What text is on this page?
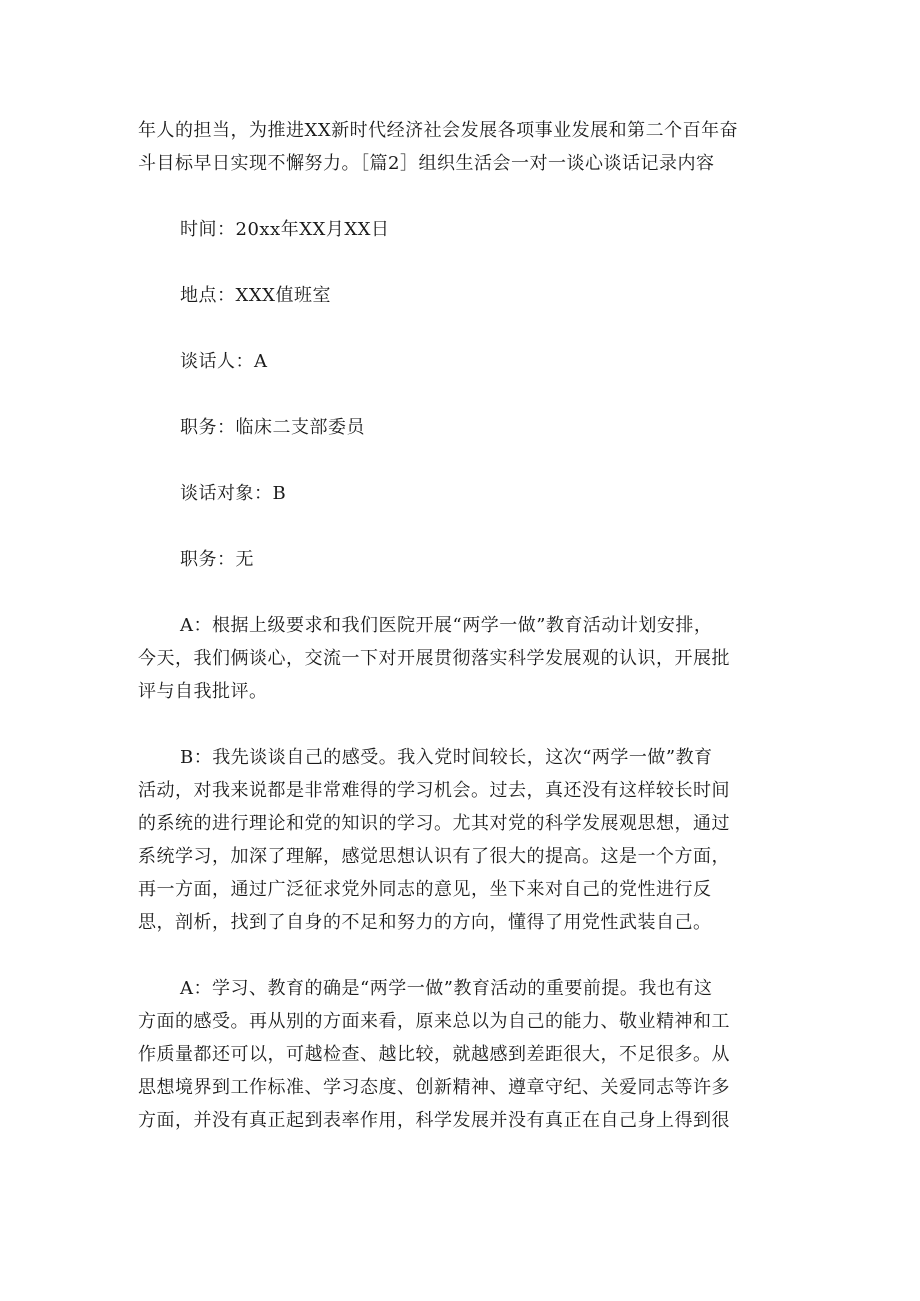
年人的担当，为推进XX新时代经济社会发展各项事业发展和第二个百年奋
斗目标早日实现不懈努力。［篇2］组织生活会一对一谈心谈话记录内容
时间：20xx年XX月XX日
地点：XXX值班室
谈话人：A
职务：临床二支部委员
谈话对象：B
职务：无
A：根据上级要求和我们医院开展“两学一做”教育活动计划安排，
今天，我们俩谈心，交流一下对开展贯彻落实科学发展观的认识，开展批
评与自我批评。
B：我先谈谈自己的感受。我入党时间较长，这次“两学一做”教育
活动，对我来说都是非常难得的学习机会。过去，真还没有这样较长时间
的系统的进行理论和党的知识的学习。尤其对党的科学发展观思想，通过
系统学习，加深了理解，感觉思想认识有了很大的提高。这是一个方面，
再一方面，通过广泛征求党外同志的意见，坐下来对自己的党性进行反
思，剖析，找到了自身的不足和努力的方向，懂得了用党性武装自己。
A：学习、教育的确是“两学一做”教育活动的重要前提。我也有这
方面的感受。再从别的方面来看，原来总以为自己的能力、敬业精神和工
作质量都还可以，可越检查、越比较，就越感到差距很大，不足很多。从
思想境界到工作标准、学习态度、创新精神、遵章守纪、关爱同志等许多
方面，并没有真正起到表率作用，科学发展并没有真正在自己身上得到很
